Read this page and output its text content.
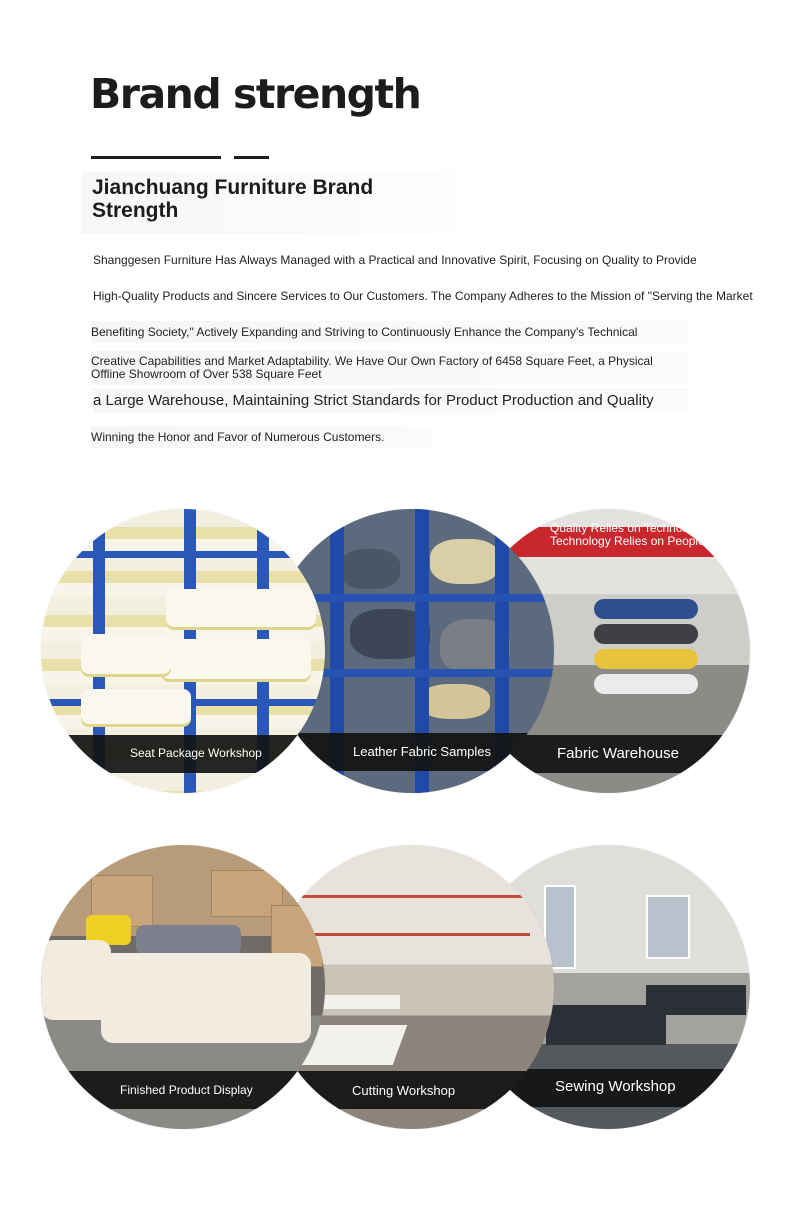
Brand strength
Jianchuang Furniture Brand Strength

Shanggesen Furniture Has Always Managed with a Practical and Innovative Spirit, Focusing on Quality to Provide

High-Quality Products and Sincere Services to Our Customers. The Company Adheres to the Mission of "Serving the Market

Benefiting Society," Actively Expanding and Striving to Continuously Enhance the Company's Technical

Creative Capabilities and Market Adaptability. We Have Our Own Factory of 6458 Square Feet, a Physical Offline Showroom of Over 538 Square Feet

a Large Warehouse, Maintaining Strict Standards for Product Production and Quality

Winning the Honor and Favor of Numerous Customers.

Seat Package Workshop	Leather Fabric Samples
Quality Relies on Technology
Technology Relies on People
Fabric Warehouse
Finished Product Display	Cutting Workshop	Sewing Workshop
